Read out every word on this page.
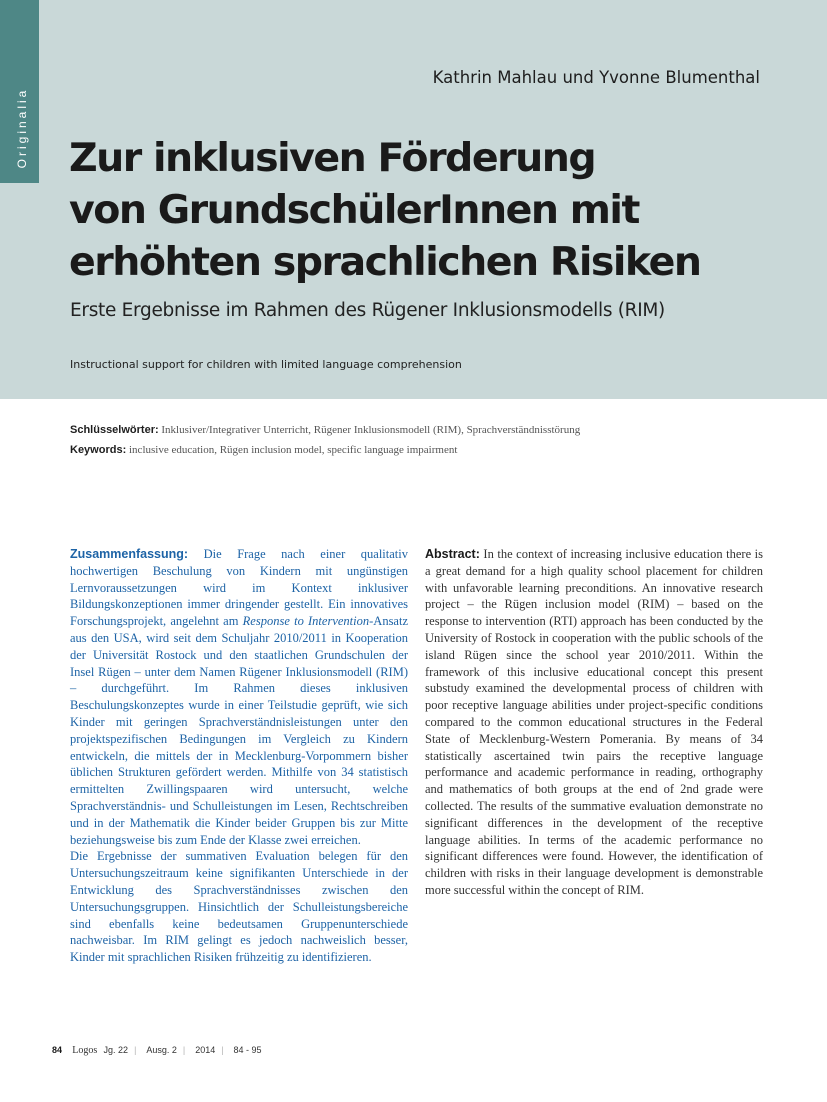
Originalia
Kathrin Mahlau und Yvonne Blumenthal
Zur inklusiven Förderung
von GrundschülerInnen mit
erhöhten sprachlichen Risiken
Erste Ergebnisse im Rahmen des Rügener Inklusionsmodells (RIM)
Instructional support for children with limited language comprehension
Schlüsselwörter: Inklusiver/Integrativer Unterricht, Rügener Inklusionsmodell (RIM), Sprachverständnisstörung
Keywords: inclusive education, Rügen inclusion model, specific language impairment

Zusammenfassung: Die Frage nach einer qualitativ hochwertigen Beschulung von Kindern mit ungünstigen Lernvoraussetzungen wird im Kontext inklusiver Bildungskonzeptionen immer dringender gestellt. Ein innovatives Forschungsprojekt, angelehnt am Response to Intervention-Ansatz aus den USA, wird seit dem Schuljahr 2010/2011 in Kooperation der Universität Rostock und den staatlichen Grundschulen der Insel Rügen – unter dem Namen Rügener Inklusionsmodell (RIM) – durchgeführt. Im Rahmen dieses inklusiven Beschulungskonzeptes wurde in einer Teilstudie geprüft, wie sich Kinder mit geringen Sprachverständnisleistungen unter den projektspezifischen Bedingungen im Vergleich zu Kindern entwickeln, die mittels der in Mecklenburg-Vorpommern bisher üblichen Strukturen gefördert werden. Mithilfe von 34 statistisch ermittelten Zwillingspaaren wird untersucht, welche Sprachverständnis- und Schulleistungen im Lesen, Rechtschreiben und in der Mathematik die Kinder beider Gruppen bis zur Mitte beziehungsweise bis zum Ende der Klasse zwei erreichen.

Die Ergebnisse der summativen Evaluation belegen für den Untersuchungszeitraum keine signifikanten Unterschiede in der Entwicklung des Sprachverständnisses zwischen den Untersuchungsgruppen. Hinsichtlich der Schulleistungsbereiche sind ebenfalls keine bedeutsamen Gruppenunterschiede nachweisbar. Im RIM gelingt es jedoch nachweislich besser, Kinder mit sprachlichen Risiken frühzeitig zu identifizieren.

Abstract: In the context of increasing inclusive education there is a great demand for a high quality school placement for children with unfavorable learning preconditions. An innovative research project – the Rügen inclusion model (RIM) – based on the response to intervention (RTI) approach has been conducted by the University of Rostock in cooperation with the public schools of the island Rügen since the school year 2010/2011. Within the framework of this inclusive educational concept this present substudy examined the developmental process of children with poor receptive language abilities under project-specific conditions compared to the common educational structures in the Federal State of Mecklenburg-Western Pomerania. By means of 34 statistically ascertained twin pairs the receptive language performance and academic performance in reading, orthography and mathematics of both groups at the end of 2nd grade were collected. The results of the summative evaluation demonstrate no significant differences in the development of the receptive language abilities. In terms of the academic performance no significant differences were found. However, the identification of children with risks in their language development is demonstrable more successful within the concept of RIM.

84 Logos Jg. 22 | Ausg. 2 | 2014 | 84 - 95
